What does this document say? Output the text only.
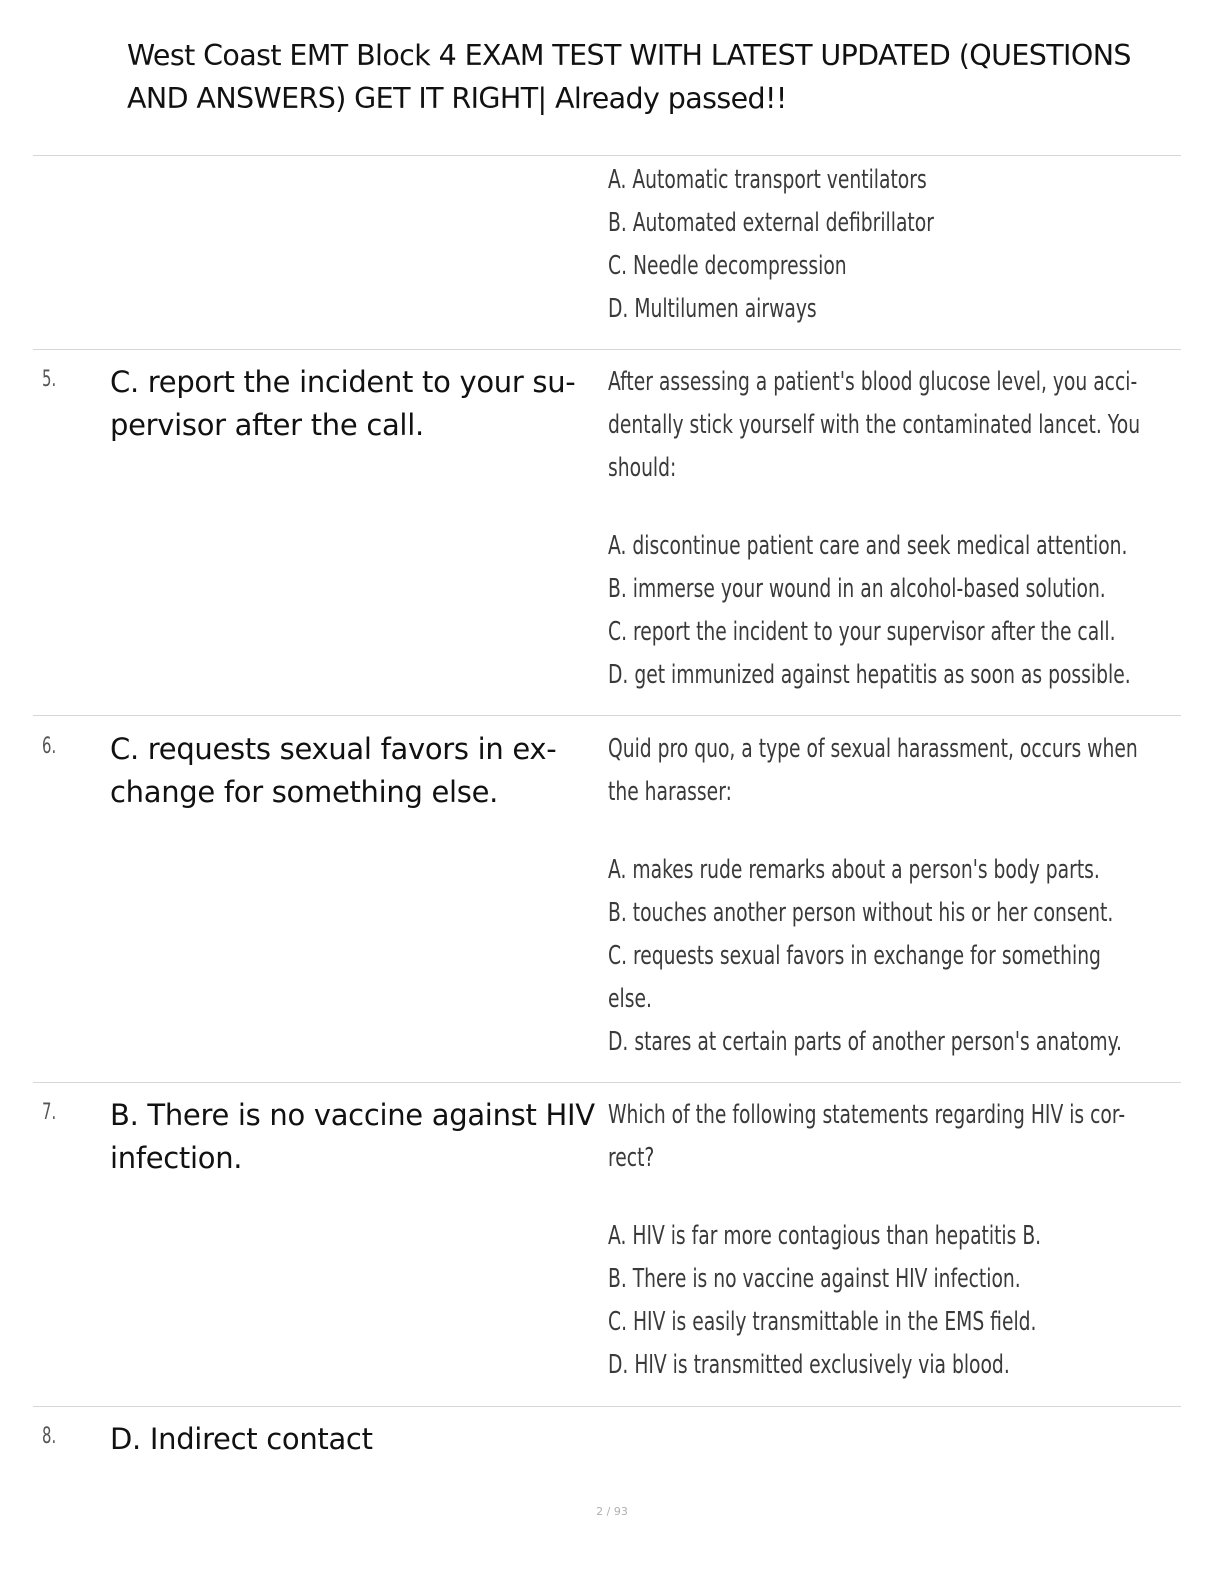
West Coast EMT Block 4 EXAM TEST WITH LATEST UPDATED (QUESTIONS
AND ANSWERS) GET IT RIGHT| Already passed!!
A. Automatic transport ventilators
B. Automated external defibrillator
C. Needle decompression
D. Multilumen airways
5. C. report the incident to your su-
pervisor after the call.
After assessing a patient's blood glucose level, you acci-
dentally stick yourself with the contaminated lancet. You
should:
A. discontinue patient care and seek medical attention.
B. immerse your wound in an alcohol-based solution.
C. report the incident to your supervisor after the call.
D. get immunized against hepatitis as soon as possible.
6. C. requests sexual favors in ex-
change for something else.
Quid pro quo, a type of sexual harassment, occurs when
the harasser:
A. makes rude remarks about a person's body parts.
B. touches another person without his or her consent.
C. requests sexual favors in exchange for something
else.
D. stares at certain parts of another person's anatomy.
7. B. There is no vaccine against HIV
infection.
Which of the following statements regarding HIV is cor-
rect?
A. HIV is far more contagious than hepatitis B.
B. There is no vaccine against HIV infection.
C. HIV is easily transmittable in the EMS field.
D. HIV is transmitted exclusively via blood.
8. D. Indirect contact
2 / 93
